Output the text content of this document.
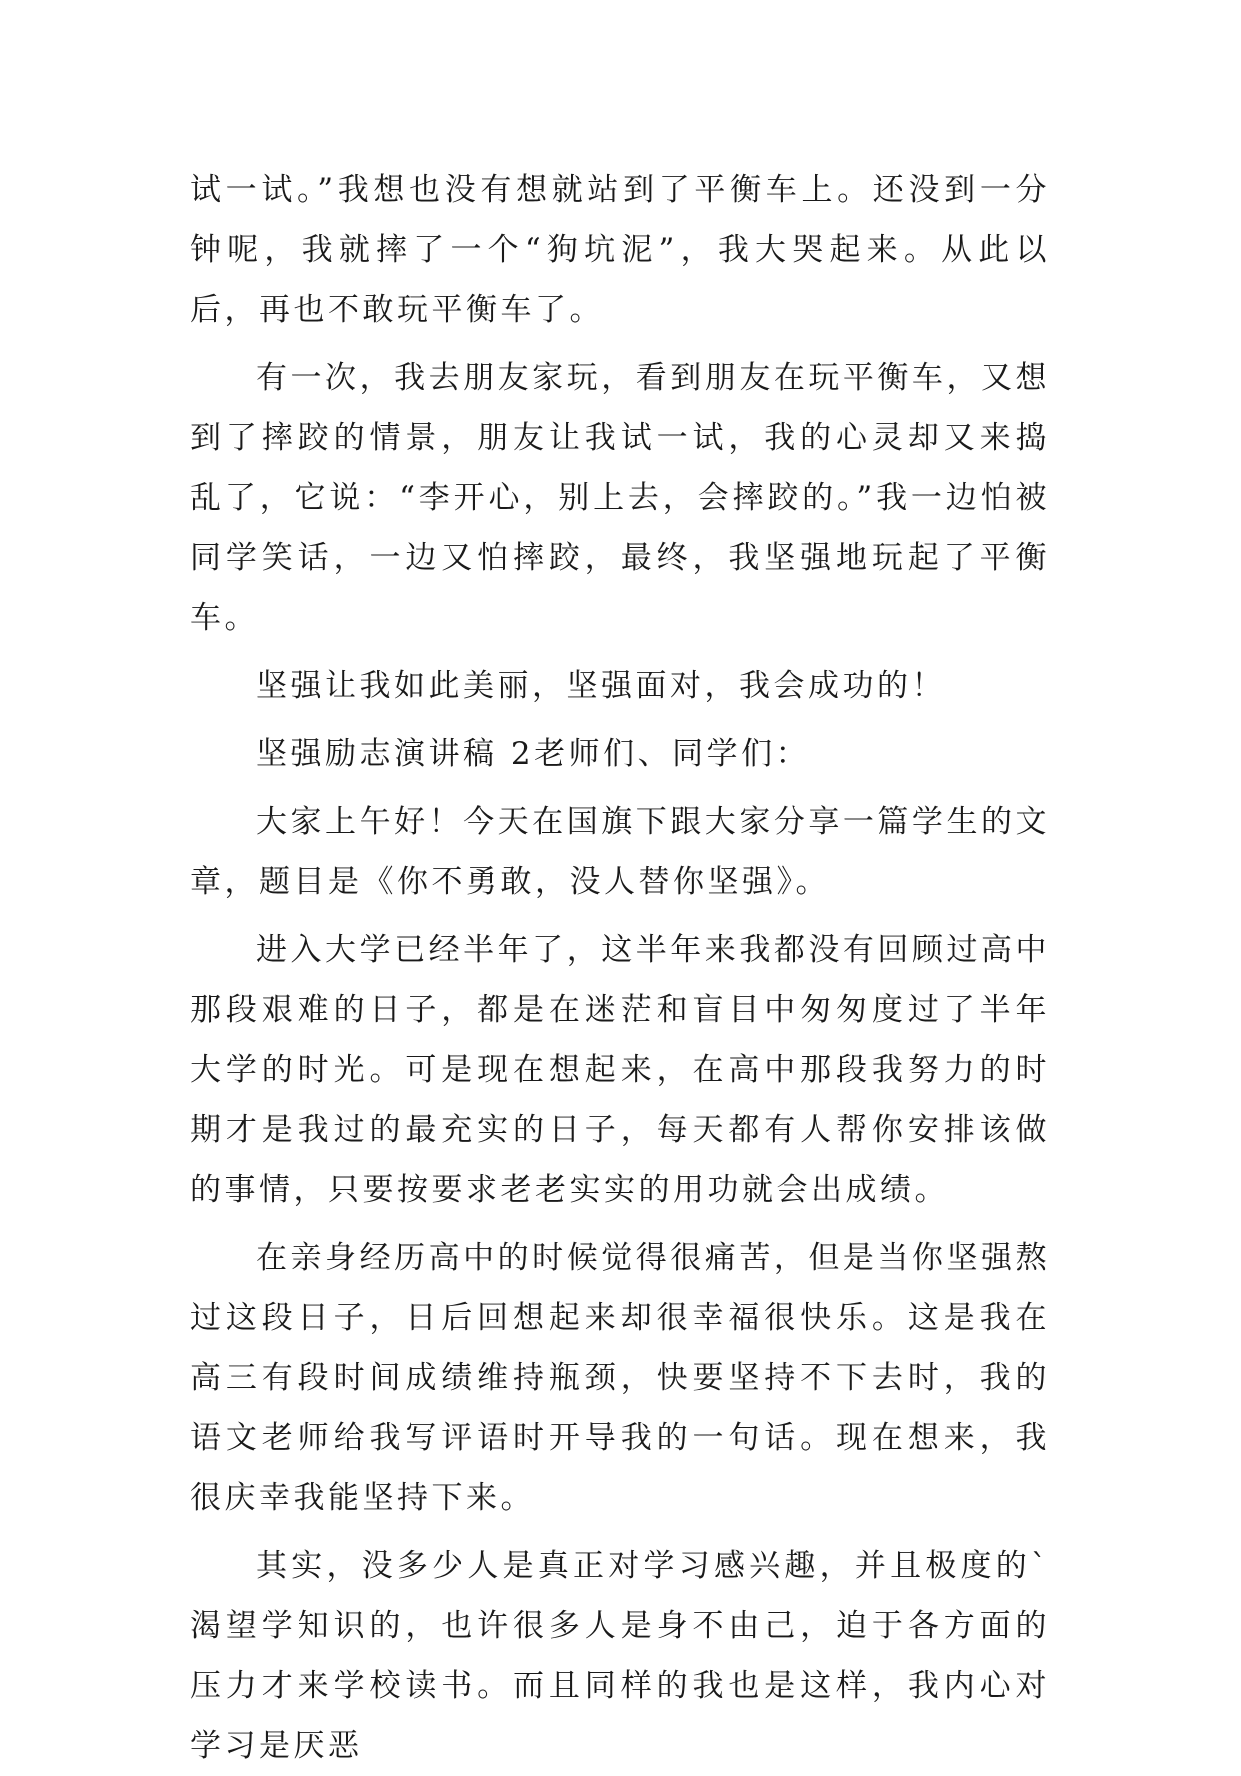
试一试。”我想也没有想就站到了平衡车上。还没到一分钟呢，我就摔了一个“狗坑泥”，我大哭起来。从此以后，再也不敢玩平衡车了。

有一次，我去朋友家玩，看到朋友在玩平衡车，又想到了摔跤的情景，朋友让我试一试，我的心灵却又来捣乱了，它说：“李开心，别上去，会摔跤的。”我一边怕被同学笑话，一边又怕摔跤，最终，我坚强地玩起了平衡车。

坚强让我如此美丽，坚强面对，我会成功的！

坚强励志演讲稿 2老师们、同学们：

大家上午好！今天在国旗下跟大家分享一篇学生的文章，题目是《你不勇敢，没人替你坚强》。

进入大学已经半年了，这半年来我都没有回顾过高中那段艰难的日子，都是在迷茫和盲目中匆匆度过了半年大学的时光。可是现在想起来，在高中那段我努力的时期才是我过的最充实的日子，每天都有人帮你安排该做的事情，只要按要求老老实实的用功就会出成绩。

在亲身经历高中的时候觉得很痛苦，但是当你坚强熬过这段日子，日后回想起来却很幸福很快乐。这是我在高三有段时间成绩维持瓶颈，快要坚持不下去时，我的语文老师给我写评语时开导我的一句话。现在想来，我很庆幸我能坚持下来。

其实，没多少人是真正对学习感兴趣，并且极度的`渴望学知识的，也许很多人是身不由己，迫于各方面的压力才来学校读书。而且同样的我也是这样，我内心对学习是厌恶
